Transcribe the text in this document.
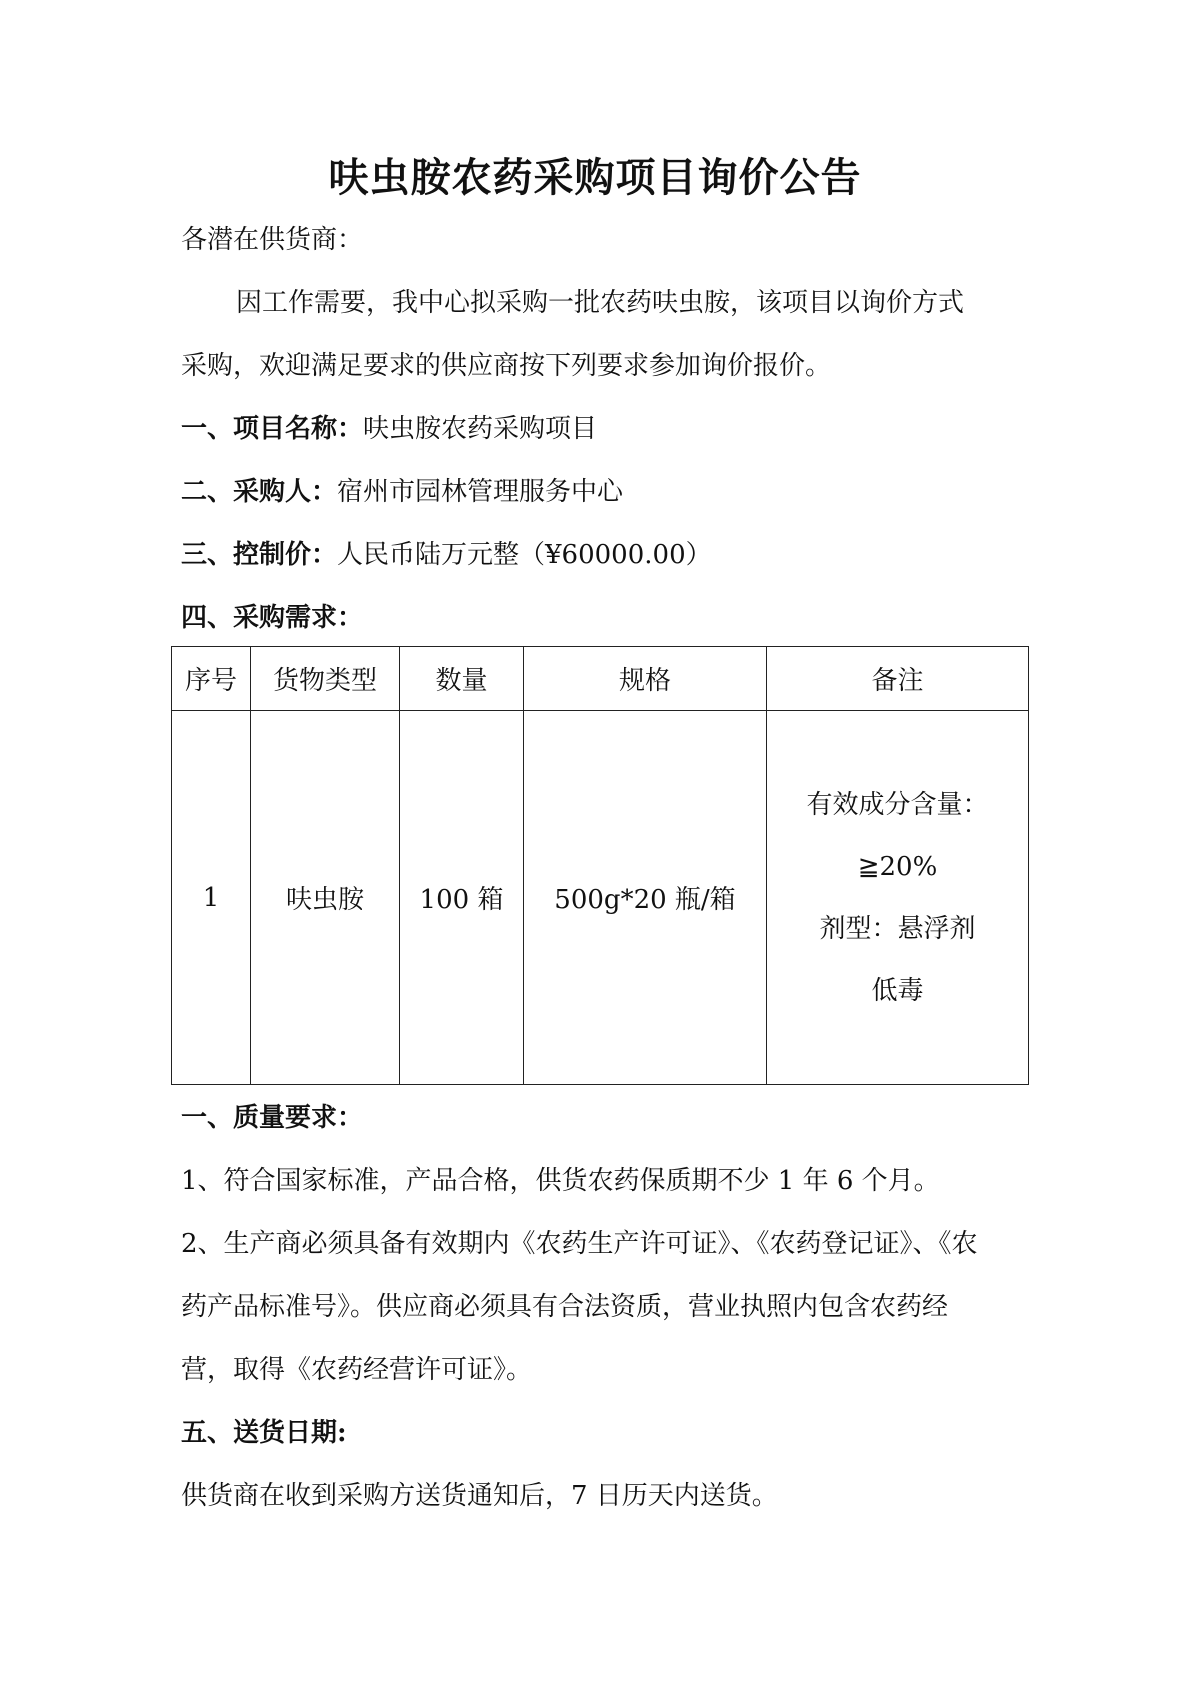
呋虫胺农药采购项目询价公告
各潜在供货商：
因工作需要，我中心拟采购一批农药呋虫胺，该项目以询价方式
采购，欢迎满足要求的供应商按下列要求参加询价报价。
一、项目名称：呋虫胺农药采购项目
二、采购人：宿州市园林管理服务中心
三、控制价：人民币陆万元整（¥60000.00）
四、采购需求：
序号	货物类型	数量	规格	备注
1	呋虫胺	100 箱	500g*20 瓶/箱	有效成分含量：
≧20%
剂型：悬浮剂
低毒
一、质量要求：
1、符合国家标准，产品合格，供货农药保质期不少 1 年 6 个月。
2、生产商必须具备有效期内《农药生产许可证》、《农药登记证》、《农
药产品标准号》。供应商必须具有合法资质，营业执照内包含农药经
营，取得《农药经营许可证》。
五、送货日期:
供货商在收到采购方送货通知后，7 日历天内送货。
